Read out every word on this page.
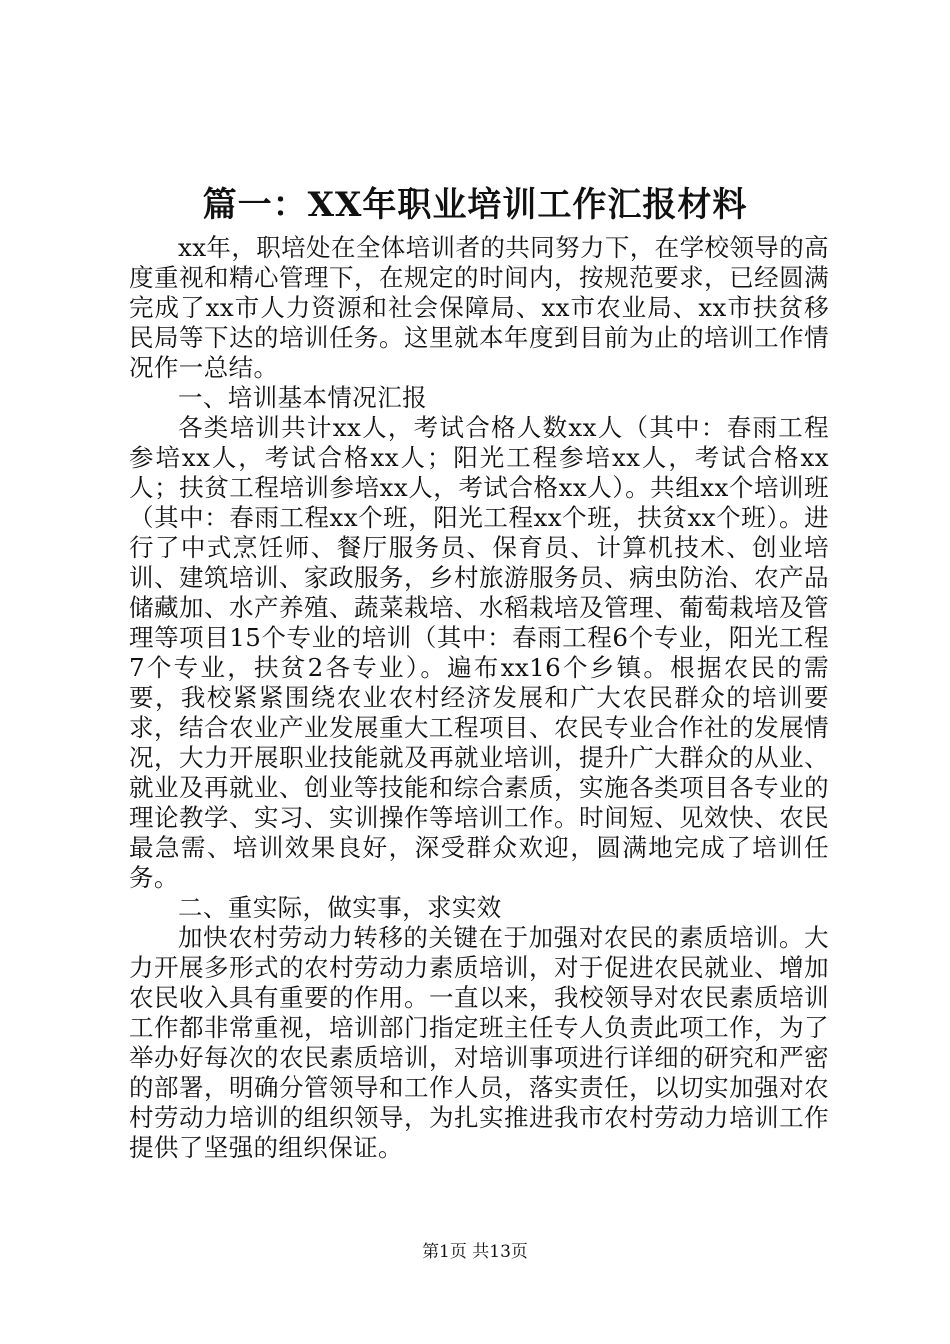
篇一：XX年职业培训工作汇报材料

xx年，职培处在全体培训者的共同努力下，在学校领导的高度重视和精心管理下，在规定的时间内，按规范要求，已经圆满完成了xx市人力资源和社会保障局、xx市农业局、xx市扶贫移民局等下达的培训任务。这里就本年度到目前为止的培训工作情况作一总结。

一、培训基本情况汇报

各类培训共计xx人，考试合格人数xx人（其中：春雨工程参培xx人，考试合格xx人；阳光工程参培xx人，考试合格xx人；扶贫工程培训参培xx人，考试合格xx人）。共组xx个培训班（其中：春雨工程xx个班，阳光工程xx个班，扶贫xx个班）。进行了中式烹饪师、餐厅服务员、保育员、计算机技术、创业培训、建筑培训、家政服务，乡村旅游服务员、病虫防治、农产品储藏加、水产养殖、蔬菜栽培、水稻栽培及管理、葡萄栽培及管理等项目15个专业的培训（其中：春雨工程6个专业，阳光工程7个专业，扶贫2各专业）。遍布xx16个乡镇。根据农民的需要，我校紧紧围绕农业农村经济发展和广大农民群众的培训要求，结合农业产业发展重大工程项目、农民专业合作社的发展情况，大力开展职业技能就及再就业培训，提升广大群众的从业、就业及再就业、创业等技能和综合素质，实施各类项目各专业的理论教学、实习、实训操作等培训工作。时间短、见效快、农民最急需、培训效果良好，深受群众欢迎，圆满地完成了培训任务。

二、重实际，做实事，求实效

加快农村劳动力转移的关键在于加强对农民的素质培训。大力开展多形式的农村劳动力素质培训，对于促进农民就业、增加农民收入具有重要的作用。一直以来，我校领导对农民素质培训工作都非常重视，培训部门指定班主任专人负责此项工作，为了举办好每次的农民素质培训，对培训事项进行详细的研究和严密的部署，明确分管领导和工作人员，落实责任，以切实加强对农村劳动力培训的组织领导，为扎实推进我市农村劳动力培训工作提供了坚强的组织保证。

第1页 共13页
